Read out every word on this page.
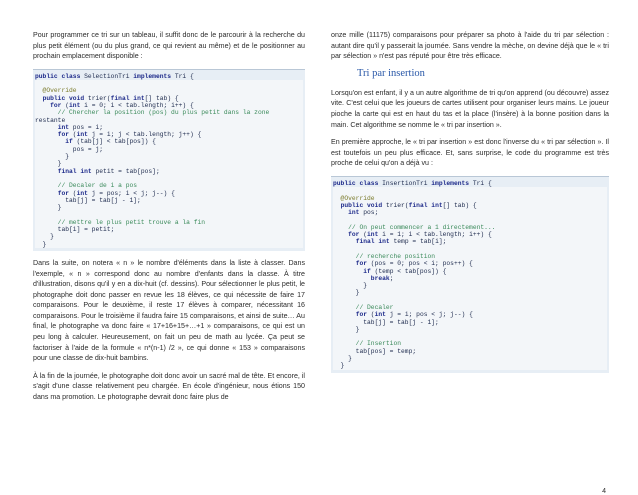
Pour programmer ce tri sur un tableau, il suffit donc de le parcourir à la recherche du plus petit élément (ou du plus grand, ce qui revient au même) et de le positionner au prochain emplacement disponible :

public class SelectionTri implements Tri {

@Override
public void trier(final int[] tab) {
for (int i = 0; i < tab.length; i++) {
// Chercher la position (pos) du plus petit dans la zone
restante
int pos = i;
for (int j = i; j < tab.length; j++) {
if (tab[j] < tab[pos]) {
pos = j;
}
}
final int petit = tab[pos];

// Decaler de i a pos
for (int j = pos; i < j; j--) {
tab[j] = tab[j - 1];
}

// mettre le plus petit trouve a la fin
tab[i] = petit;
}
}

Dans la suite, on notera « n » le nombre d'éléments dans la liste à classer. Dans l'exemple, « n » correspond donc au nombre d'enfants dans la classe. À titre d'illustration, disons qu'il y en a dix-huit (cf. dessins). Pour sélectionner le plus petit, le photographe doit donc passer en revue les 18 élèves, ce qui nécessite de faire 17 comparaisons. Pour le deuxième, il reste 17 élèves à comparer, nécessitant 16 comparaisons. Pour le troisième il faudra faire 15 comparaisons, et ainsi de suite… Au final, le photographe va donc faire « 17+16+15+…+1 » comparaisons, ce qui est un peu long à calculer. Heureusement, on fait un peu de math au lycée. Ça peut se factoriser à l'aide de la formule « n*(n-1) /2 », ce qui donne « 153 » comparaisons pour une classe de dix-huit bambins.

À la fin de la journée, le photographe doit donc avoir un sacré mal de tête. Et encore, il s'agit d'une classe relativement peu chargée. En école d'ingénieur, nous étions 150 dans ma promotion. Le photographe devrait donc faire plus de

onze mille (11175) comparaisons pour préparer sa photo à l'aide du tri par sélection : autant dire qu'il y passerait la journée. Sans vendre la mèche, on devine déjà que le « tri par sélection » n'est pas réputé pour être très efficace.

Tri par insertion

Lorsqu'on est enfant, il y a un autre algorithme de tri qu'on apprend (ou découvre) assez vite. C'est celui que les joueurs de cartes utilisent pour organiser leurs mains. Le joueur pioche la carte qui est en haut du tas et la place (l'insère) à la bonne position dans la main. Cet algorithme se nomme le « tri par insertion ».

En première approche, le « tri par insertion » est donc l'inverse du « tri par sélection ». Il est toutefois un peu plus efficace. Et, sans surprise, le code du programme est très proche de celui qu'on a déjà vu :

public class InsertionTri implements Tri {

@Override
public void trier(final int[] tab) {
int pos;

// On peut commencer a 1 directement...
for (int i = 1; i < tab.length; i++) {
final int temp = tab[i];

// recherche position
for (pos = 0; pos < i; pos++) {
if (temp < tab[pos]) {
break;
}
}

// Decaler
for (int j = i; pos < j; j--) {
tab[j] = tab[j - 1];
}

// Insertion
tab[pos] = temp;
}
}
4
